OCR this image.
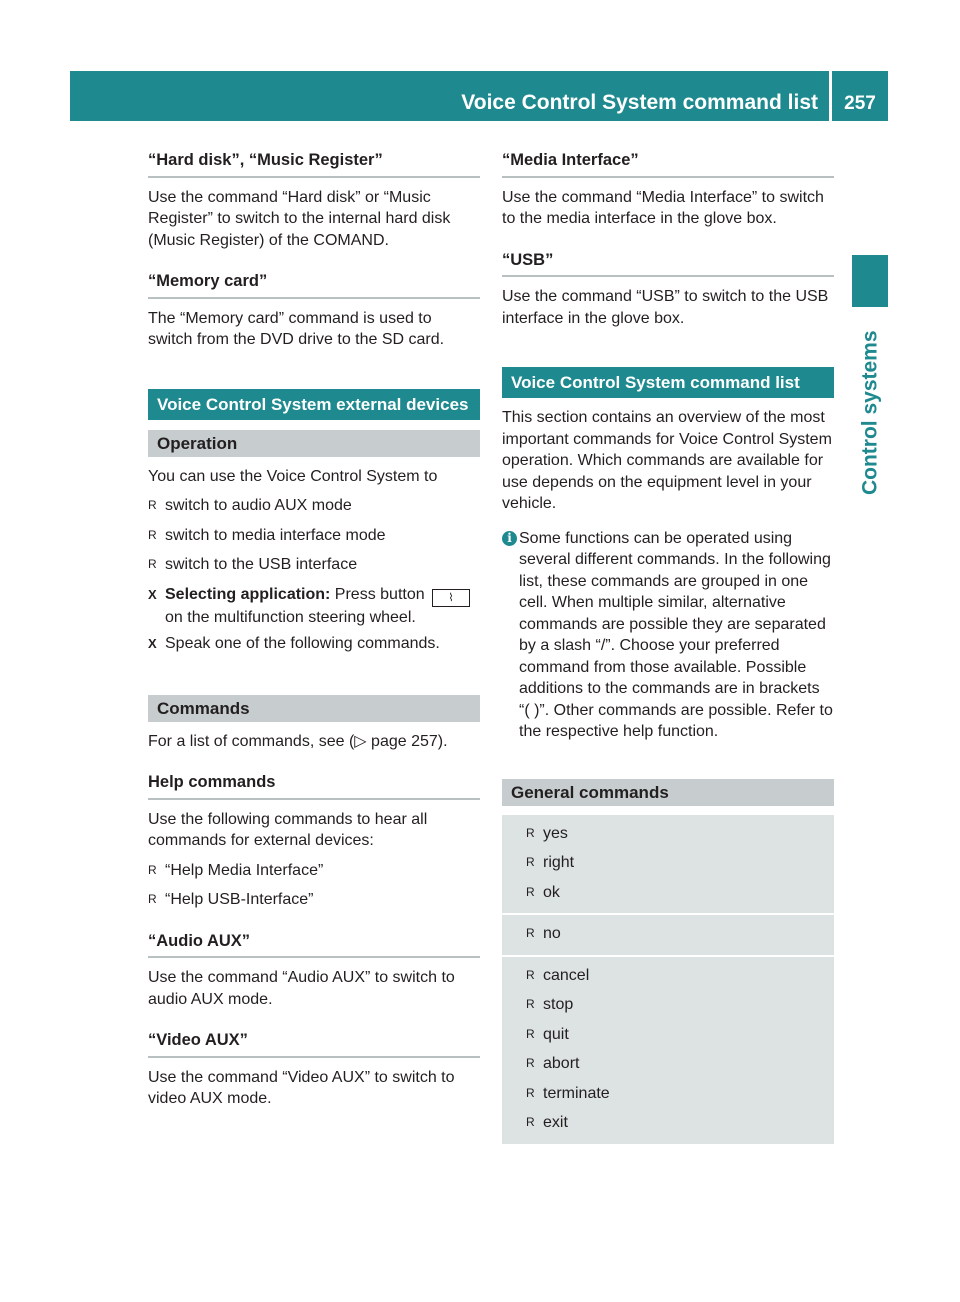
Voice Control System command list	257
Control systems
“Hard disk”, “Music Register”

Use the command “Hard disk” or “Music Register” to switch to the internal hard disk (Music Register) of the COMAND.

“Memory card”

The “Memory card” command is used to switch from the DVD drive to the SD card.

Voice Control System external devices
Operation

You can use the Voice Control System to

R switch to audio AUX mode
R switch to media interface mode
R switch to the USB interface
X Selecting application: Press button ⌇ on the multifunction steering wheel.
X Speak one of the following commands.
Commands

For a list of commands, see (▷ page 257).

Help commands

Use the following commands to hear all commands for external devices:

R “Help Media Interface”
R “Help USB-Interface”
“Audio AUX”

Use the command “Audio AUX” to switch to audio AUX mode.

“Video AUX”

Use the command “Video AUX” to switch to video AUX mode.

“Media Interface”

Use the command “Media Interface” to switch to the media interface in the glove box.

“USB”

Use the command “USB” to switch to the USB interface in the glove box.

Voice Control System command list

This section contains an overview of the most important commands for Voice Control System operation. Which commands are available for use depends on the equipment level in your vehicle.

i Some functions can be operated using several different commands. In the following list, these commands are grouped in one cell. When multiple similar, alternative commands are possible they are separated by a slash “/”. Choose your preferred command from those available. Possible additions to the commands are in brackets “( )”. Other commands are possible. Refer to the respective help function.
General commands
R yes
R right
R ok
R no
R cancel
R stop
R quit
R abort
R terminate
R exit
